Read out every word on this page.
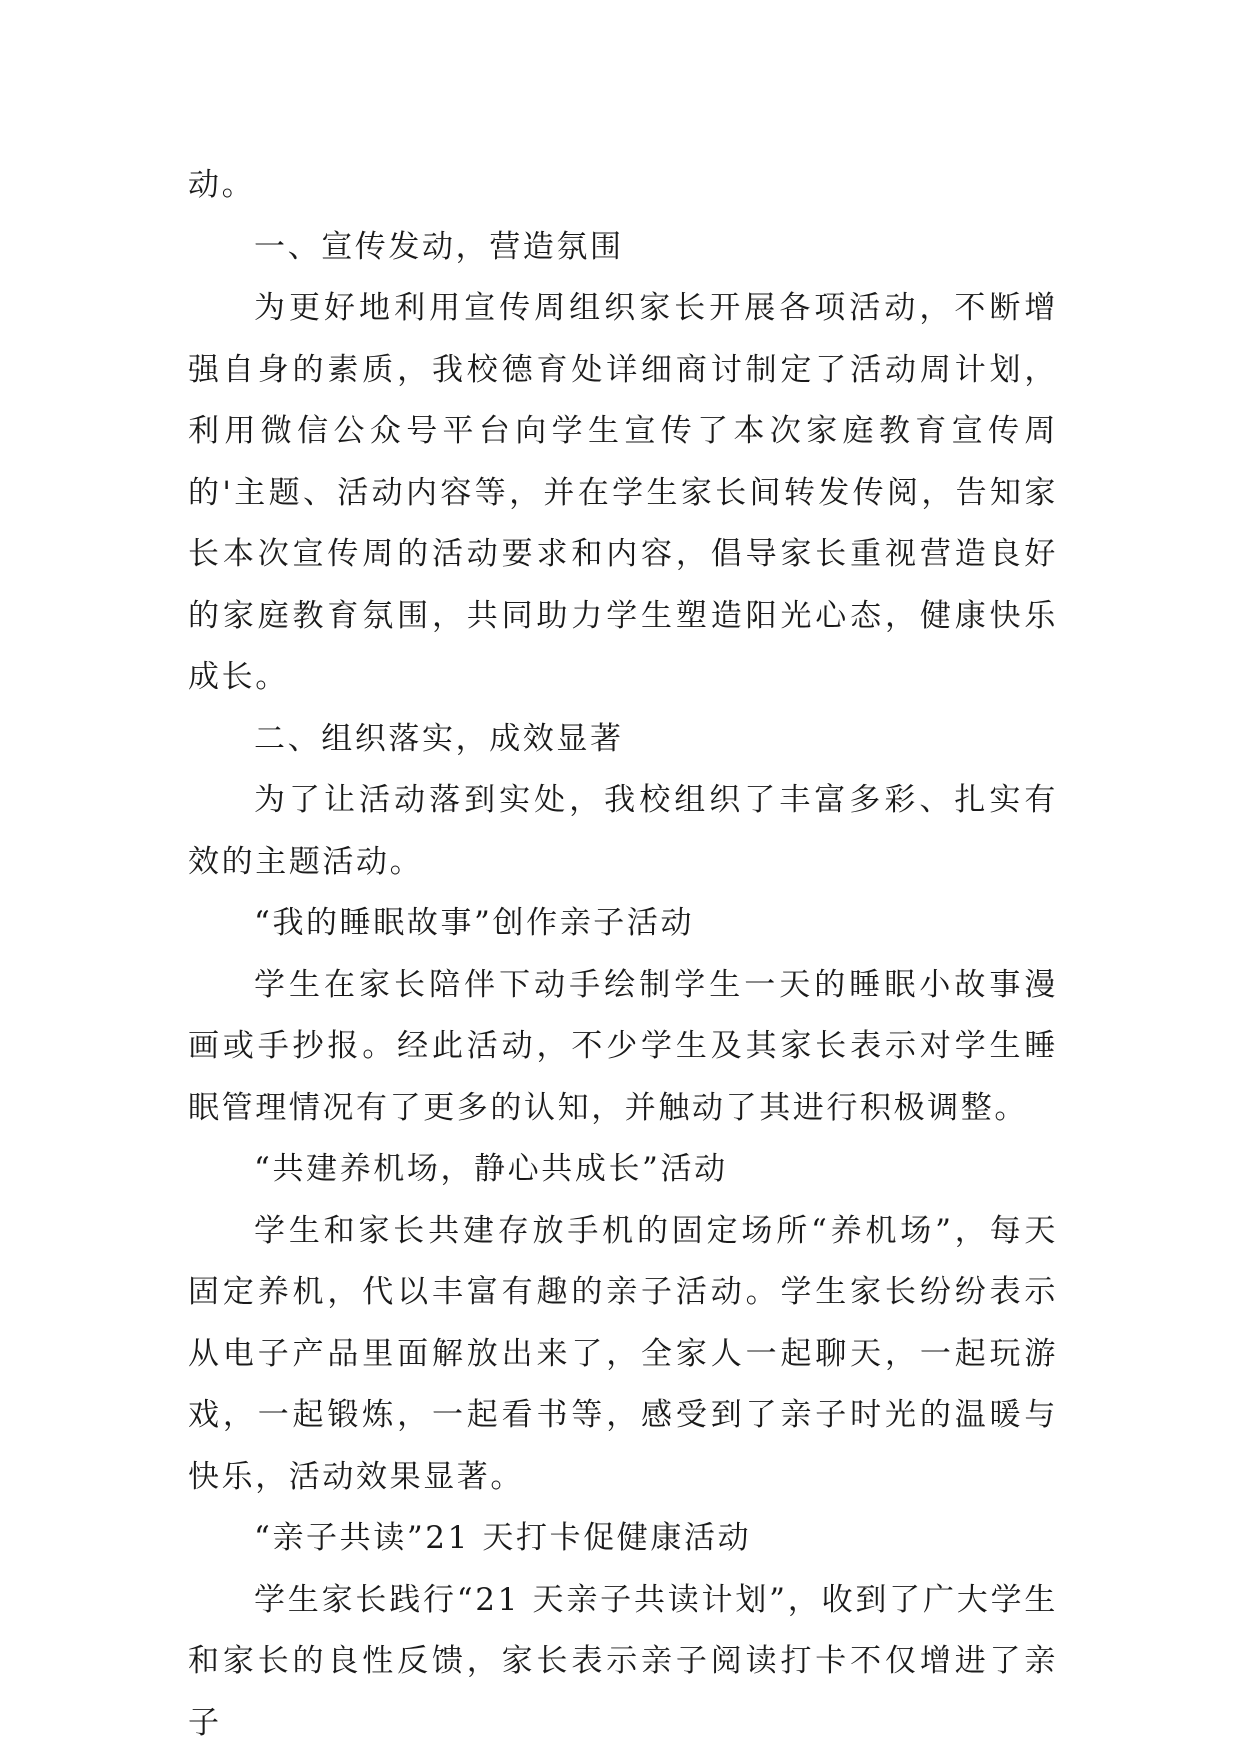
动。

一、宣传发动，营造氛围

为更好地利用宣传周组织家长开展各项活动，不断增强自身的素质，我校德育处详细商讨制定了活动周计划，利用微信公众号平台向学生宣传了本次家庭教育宣传周的'主题、活动内容等，并在学生家长间转发传阅，告知家长本次宣传周的活动要求和内容，倡导家长重视营造良好的家庭教育氛围，共同助力学生塑造阳光心态，健康快乐成长。

二、组织落实，成效显著

为了让活动落到实处，我校组织了丰富多彩、扎实有效的主题活动。

“我的睡眠故事”创作亲子活动

学生在家长陪伴下动手绘制学生一天的睡眠小故事漫画或手抄报。经此活动，不少学生及其家长表示对学生睡眠管理情况有了更多的认知，并触动了其进行积极调整。

“共建养机场，静心共成长”活动

学生和家长共建存放手机的固定场所“养机场”，每天固定养机，代以丰富有趣的亲子活动。学生家长纷纷表示从电子产品里面解放出来了，全家人一起聊天，一起玩游戏，一起锻炼，一起看书等，感受到了亲子时光的温暖与快乐，活动效果显著。

“亲子共读”21 天打卡促健康活动

学生家长践行“21 天亲子共读计划”，收到了广大学生和家长的良性反馈，家长表示亲子阅读打卡不仅增进了亲子
